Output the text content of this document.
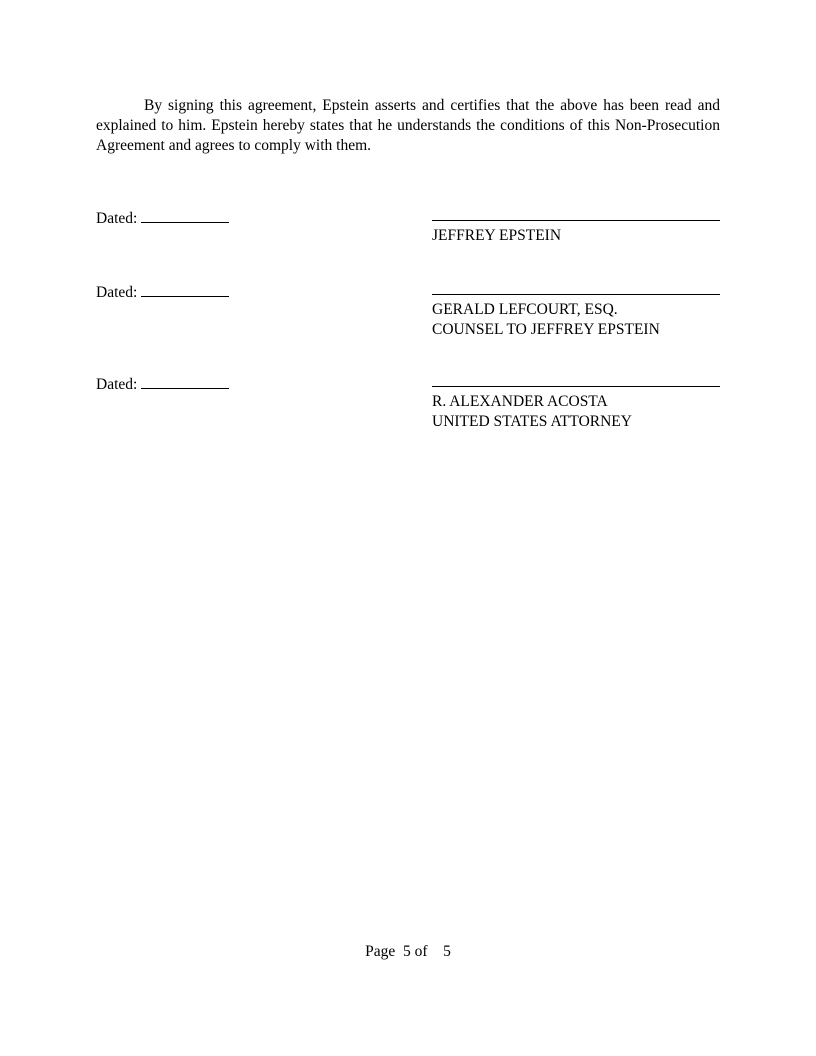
By signing this agreement, Epstein asserts and certifies that the above has been read and explained to him. Epstein hereby states that he understands the conditions of this Non-Prosecution Agreement and agrees to comply with them.

Dated:
JEFFREY EPSTEIN
Dated:
GERALD LEFCOURT, ESQ.
COUNSEL TO JEFFREY EPSTEIN
Dated:
R. ALEXANDER ACOSTA
UNITED STATES ATTORNEY
Page  5 of    5
